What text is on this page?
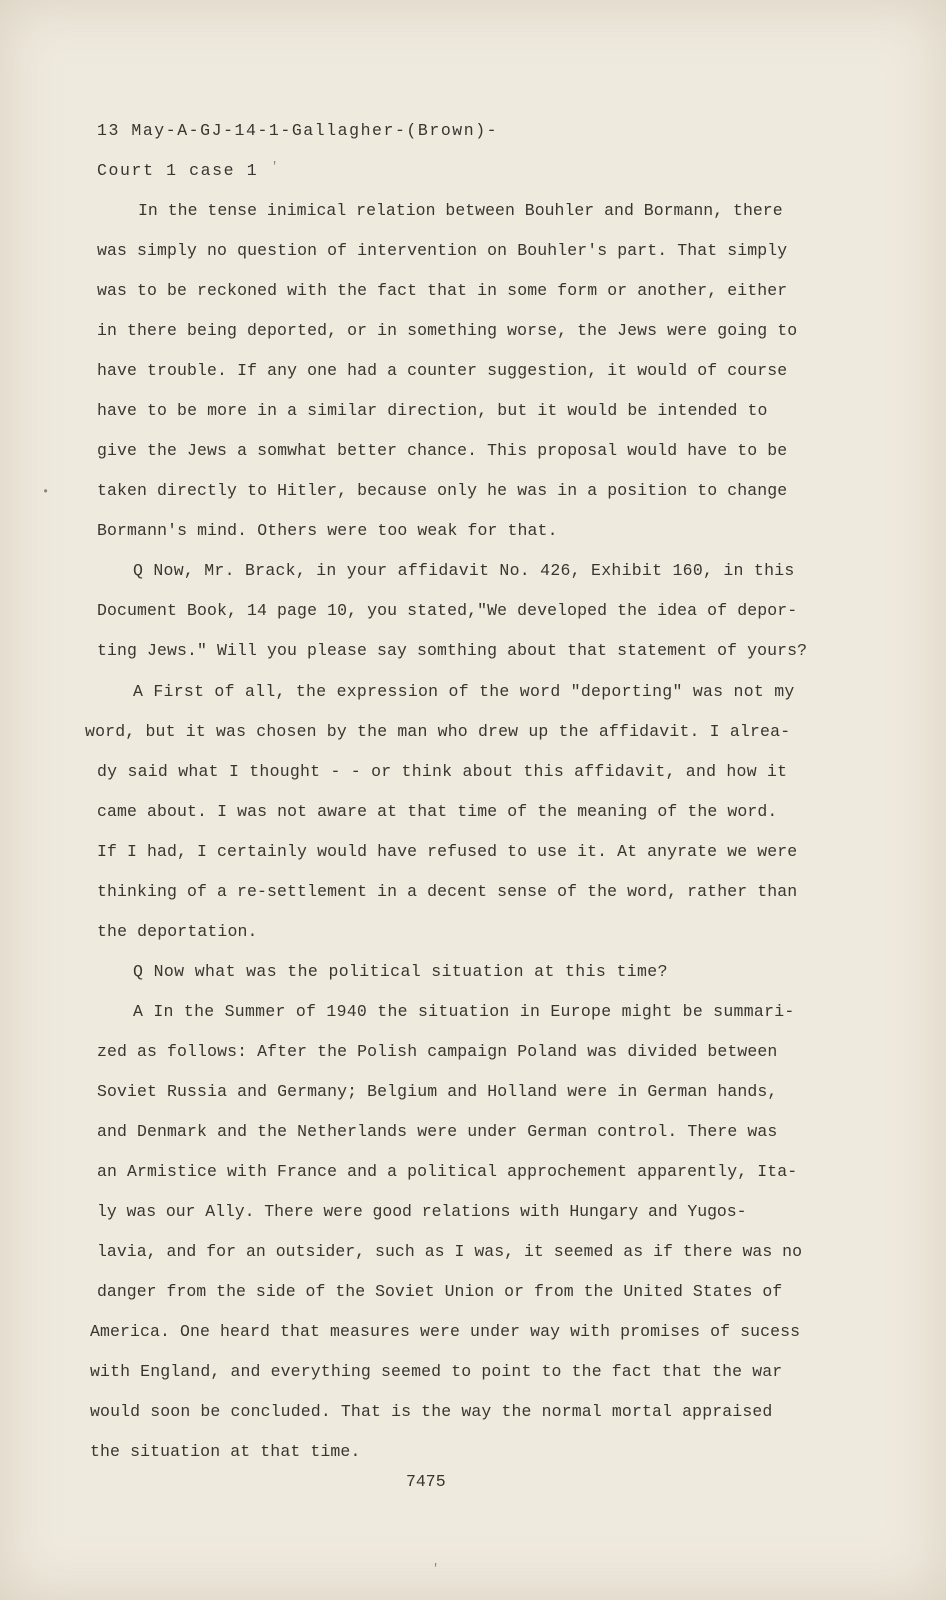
13 May-A-GJ-14-1-Gallagher-(Brown)-
Court 1 case 1 '
In the tense inimical relation between Bouhler and Bormann, there
was simply no question of intervention on Bouhler's part. That simply
was to be reckoned with the fact that in some form or another, either
in there being deported, or in something worse, the Jews were going to
have trouble. If any one had a counter suggestion, it would of course
have to be more in a similar direction, but it would be intended to
give the Jews a somwhat better chance. This proposal would have to be
taken directly to Hitler, because only he was in a position to change
Bormann's mind. Others were too weak for that.
Q Now, Mr. Brack, in your affidavit No. 426, Exhibit 160, in this
Document Book, 14 page 10, you stated,"We developed the idea of depor-
ting Jews." Will you please say somthing about that statement of yours?
A First of all, the expression of the word "deporting" was not my
word, but it was chosen by the man who drew up the affidavit. I alrea-
dy said what I thought - - or think about this affidavit, and how it
came about. I was not aware at that time of the meaning of the word.
If I had, I certainly would have refused to use it. At anyrate we were
thinking of a re-settlement in a decent sense of the word, rather than
the deportation.
Q Now what was the political situation at this time?
A In the Summer of 1940 the situation in Europe might be summari-
zed as follows: After the Polish campaign Poland was divided between
Soviet Russia and Germany; Belgium and Holland were in German hands,
and Denmark and the Netherlands were under German control. There was
an Armistice with France and a political approchement apparently, Ita-
ly was our Ally. There were good relations with Hungary and Yugos-
lavia, and for an outsider, such as I was, it seemed as if there was no
danger from the side of the Soviet Union or from the United States of
America. One heard that measures were under way with promises of sucess
with England, and everything seemed to point to the fact that the war
would soon be concluded. That is the way the normal mortal appraised
the situation at that time.
7475
•
'
